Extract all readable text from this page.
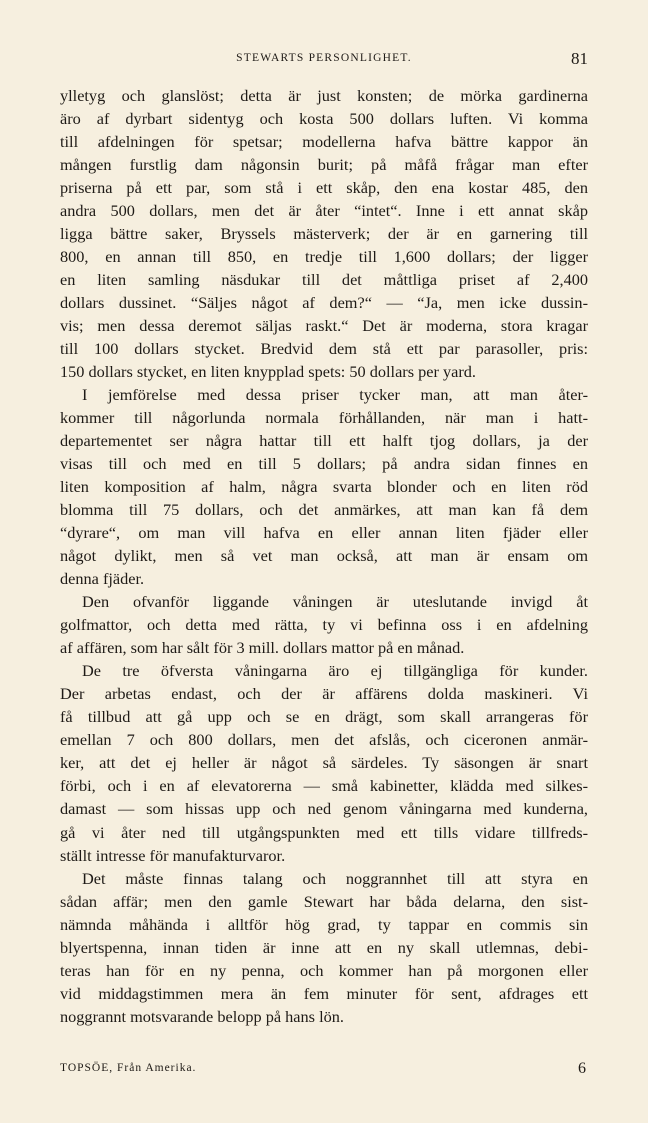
STEWARTS PERSONLIGHET.	81
ylletyg och glanslöst; detta är just konsten; de mörka gardinerna
äro af dyrbart sidentyg och kosta 500 dollars luften. Vi komma
till afdelningen för spetsar; modellerna hafva bättre kappor än
mången furstlig dam någonsin burit; på måfå frågar man efter
priserna på ett par, som stå i ett skåp, den ena kostar 485, den
andra 500 dollars, men det är åter “intet“. Inne i ett annat skåp
ligga bättre saker, Bryssels mästerverk; der är en garnering till
800, en annan till 850, en tredje till 1,600 dollars; der ligger
en liten samling näsdukar till det måttliga priset af 2,400
dollars dussinet. “Säljes något af dem?“ — “Ja, men icke dussin-
vis; men dessa deremot säljas raskt.“ Det är moderna, stora kragar
till 100 dollars stycket. Bredvid dem stå ett par parasoller, pris:
150 dollars stycket, en liten knypplad spets: 50 dollars per yard.
I jemförelse med dessa priser tycker man, att man åter-
kommer till någorlunda normala förhållanden, när man i hatt-
departementet ser några hattar till ett halft tjog dollars, ja der
visas till och med en till 5 dollars; på andra sidan finnes en
liten komposition af halm, några svarta blonder och en liten röd
blomma till 75 dollars, och det anmärkes, att man kan få dem
“dyrare“, om man vill hafva en eller annan liten fjäder eller
något dylikt, men så vet man också, att man är ensam om
denna fjäder.
Den ofvanför liggande våningen är uteslutande invigd åt
golfmattor, och detta med rätta, ty vi befinna oss i en afdelning
af affären, som har sålt för 3 mill. dollars mattor på en månad.
De tre öfversta våningarna äro ej tillgängliga för kunder.
Der arbetas endast, och der är affärens dolda maskineri. Vi
få tillbud att gå upp och se en drägt, som skall arrangeras för
emellan 7 och 800 dollars, men det afslås, och ciceronen anmär-
ker, att det ej heller är något så särdeles. Ty säsongen är snart
förbi, och i en af elevatorerna — små kabinetter, klädda med silkes-
damast — som hissas upp och ned genom våningarna med kunderna,
gå vi åter ned till utgångspunkten med ett tills vidare tillfreds-
ställt intresse för manufakturvaror.
Det måste finnas talang och noggrannhet till att styra en
sådan affär; men den gamle Stewart har båda delarna, den sist-
nämnda måhända i alltför hög grad, ty tappar en commis sin
blyertspenna, innan tiden är inne att en ny skall utlemnas, debi-
teras han för en ny penna, och kommer han på morgonen eller
vid middagstimmen mera än fem minuter för sent, afdrages ett
noggrannt motsvarande belopp på hans lön.
TOPSÖE, Från Amerika.	6
